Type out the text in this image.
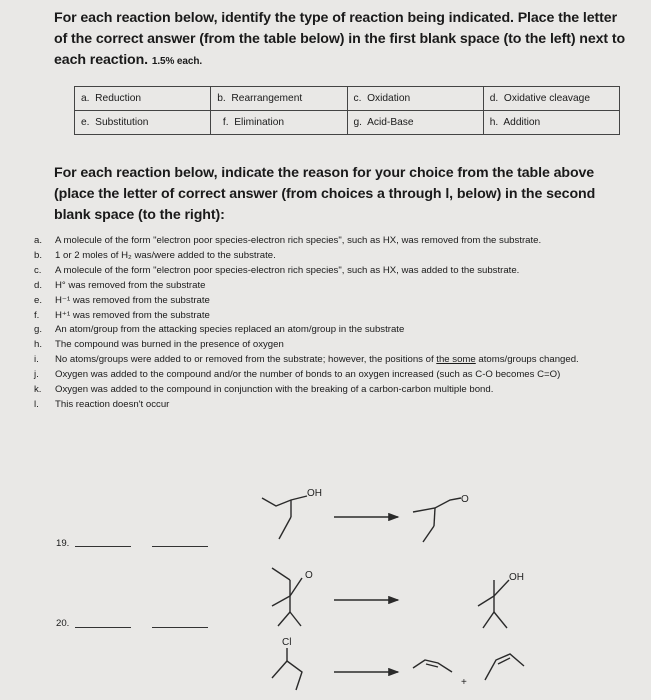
For each reaction below, identify the type of reaction being indicated. Place the letter of the correct answer (from the table below) in the first blank space (to the left) next to each reaction. 1.5% each.
a. Reduction	b. Rearrangement	c. Oxidation	d. Oxidative cleavage
e. Substitution	f. Elimination	g. Acid-Base	h. Addition
For each reaction below, indicate the reason for your choice from the table above (place the letter of correct answer (from choices a through l, below) in the second blank space (to the right):
a.	A molecule of the form "electron poor species-electron rich species", such as HX, was removed from the substrate.
b.	1 or 2 moles of H₂ was/were added to the substrate.
c.	A molecule of the form "electron poor species-electron rich species", such as HX, was added to the substrate.
d.	H° was removed from the substrate
e.	H⁻¹ was removed from the substrate
f.	H⁺¹ was removed from the substrate
g.	An atom/group from the attacking species replaced an atom/group in the substrate
h.	The compound was burned in the presence of oxygen
i.	No atoms/groups were added to or removed from the substrate; however, the positions of the some atoms/groups changed.
j.	Oxygen was added to the compound and/or the number of bonds to an oxygen increased (such as C-O becomes C=O)
k.	Oxygen was added to the compound in conjunction with the breaking of a carbon-carbon multiple bond.
l.	This reaction doesn't occur
19.
20.
OH
O
O	OH
Cl
+
